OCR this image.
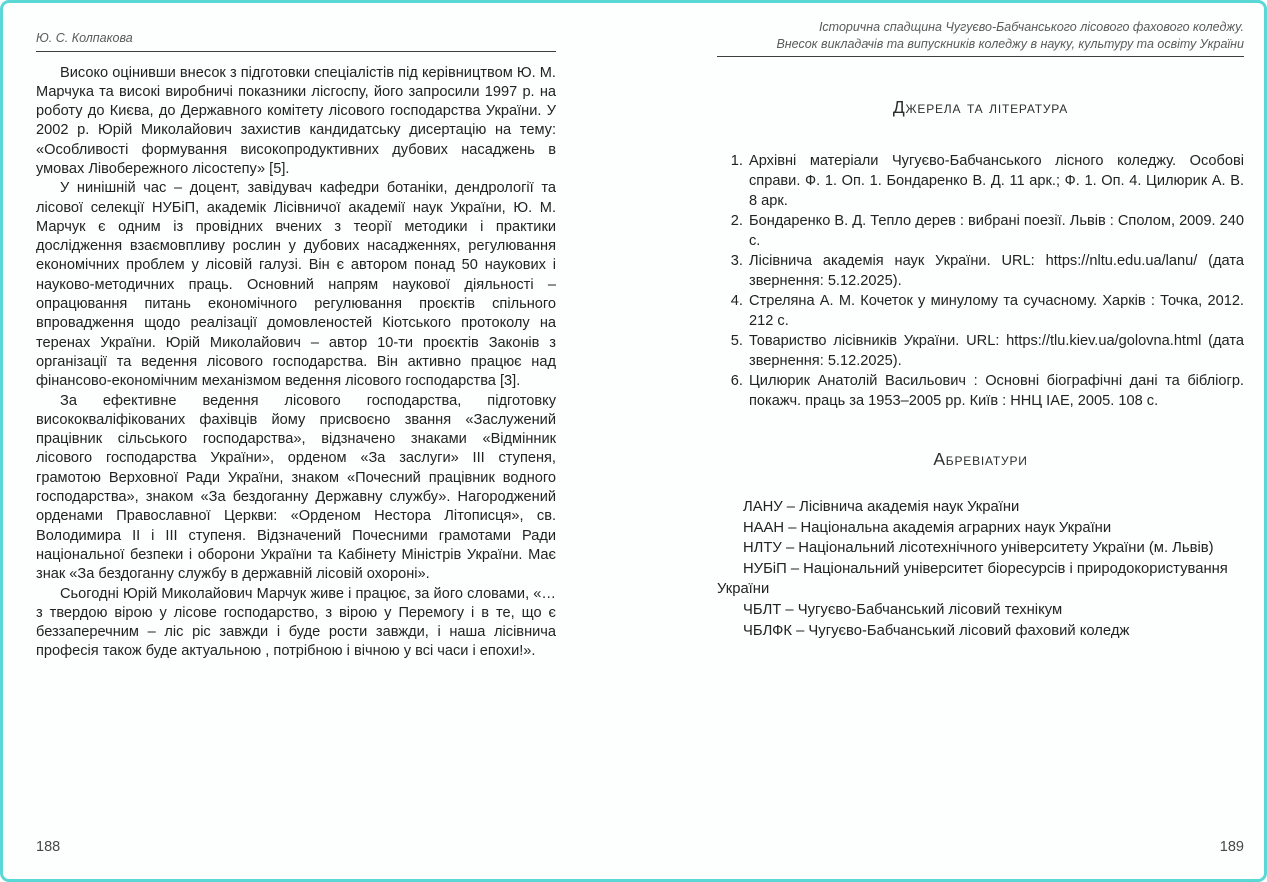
Ю. С. Колпакова

Високо оцінивши внесок з підготовки спеціалістів під керівництвом Ю. М. Марчука та високі виробничі показники лісгоспу, його запросили 1997 р. на роботу до Києва, до Державного комітету лісового господарства України. У 2002 р. Юрій Миколайович захистив кандидатську дисертацію на тему: «Особливості формування високопродуктивних дубових насаджень в умовах Лівобережного лісостепу» [5].

У нинішній час – доцент, завідувач кафедри ботаніки, дендрології та лісової селекції НУБіП, академік Лісівничої академії наук України, Ю. М. Марчук є одним із провідних вчених з теорії методики і практики дослідження взаємовпливу рослин у дубових насадженнях, регулювання економічних проблем у лісовій галузі. Він є автором понад 50 наукових і науково-методичних праць. Основний напрям наукової діяльності – опрацювання питань економічного регулювання проєктів спільного впровадження щодо реалізації домовленостей Кіотського протоколу на теренах України. Юрій Миколайович – автор 10-ти проєктів Законів з організації та ведення лісового господарства. Він активно працює над фінансово-економічним механізмом ведення лісового господарства [3].

За ефективне ведення лісового господарства, підготовку висококваліфікованих фахівців йому присвоєно звання «Заслужений працівник сільського господарства», відзначено знаками «Відмінник лісового господарства України», орденом «За заслуги» III ступеня, грамотою Верховної Ради України, знаком «Почесний працівник водного господарства», знаком «За бездоганну Державну службу». Нагороджений орденами Православної Церкви: «Орденом Нестора Літописця», св. Володимира II і III ступеня. Відзначений Почесними грамотами Ради національної безпеки і оборони України та Кабінету Міністрів України. Має знак «За бездоганну службу в державній лісовій охороні».

Сьогодні Юрій Миколайович Марчук живе і працює, за його словами, «…з твердою вірою у лісове господарство, з вірою у Перемогу і в те, що є беззаперечним – ліс ріс завжди і буде рости завжди, і наша лісівнича професія також буде актуальною , потрібною і вічною у всі часи і епохи!».

188
Історична спадщина Чугуєво-Бабчанського лісового фахового коледжу.
Внесок викладачів та випускників коледжу в науку, культуру та освіту України
Джерела та література
1. Архівні матеріали Чугуєво-Бабчанського лісного коледжу. Особові справи. Ф. 1. Оп. 1. Бондаренко В. Д. 11 арк.; Ф. 1. Оп. 4. Цилюрик А. В. 8 арк.
2. Бондаренко В. Д. Тепло дерев : вибрані поезії. Львів : Сполом, 2009. 240 с.
3. Лісівнича академія наук України. URL: https://nltu.edu.ua/lanu/ (дата звернення: 5.12.2025).
4. Стреляна А. М. Кочеток у минулому та сучасному. Харків : Точка, 2012. 212 с.
5. Товариство лісівників України. URL: https://tlu.kiev.ua/golovna.html (дата звернення: 5.12.2025).
6. Цилюрик Анатолій Васильович : Основні біографічні дані та бібліогр. покажч. праць за 1953–2005 рр. Київ : ННЦ ІАЕ, 2005. 108 с.
Абревіатури

ЛАНУ – Лісівнича академія наук України

НААН – Національна академія аграрних наук України

НЛТУ – Національний лісотехнічного університету України (м. Львів)

НУБіП – Національний університет біоресурсів і природокористування України

ЧБЛТ – Чугуєво-Бабчанський лісовий технікум

ЧБЛФК – Чугуєво-Бабчанський лісовий фаховий коледж

189
